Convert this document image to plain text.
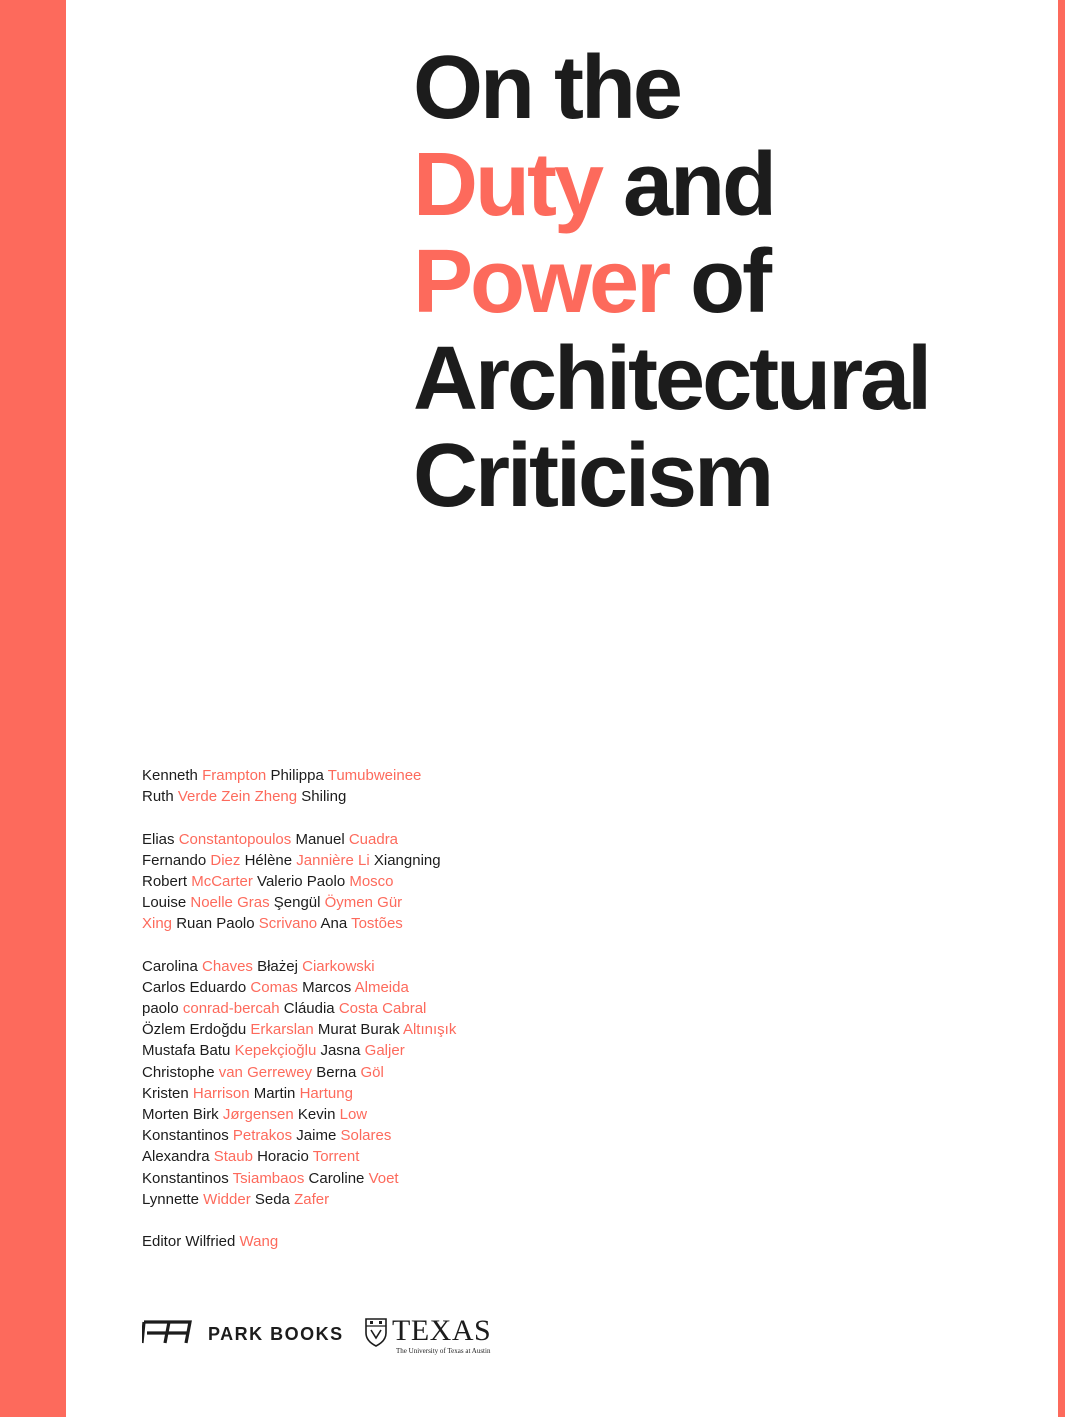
On the
Duty and
Power of
Architectural
Criticism
Kenneth Frampton Philippa Tumubweinee
Ruth Verde Zein Zheng Shiling
Elias Constantopoulos Manuel Cuadra
Fernando Diez Hélène Jannière Li Xiangning
Robert McCarter Valerio Paolo Mosco
Louise Noelle Gras Şengül Öymen Gür
Xing Ruan Paolo Scrivano Ana Tostões
Carolina Chaves Błażej Ciarkowski
Carlos Eduardo Comas Marcos Almeida
paolo conrad-bercah Cláudia Costa Cabral
Özlem Erdoğdu Erkarslan Murat Burak Altınışık
Mustafa Batu Kepekçioğlu Jasna Galjer
Christophe van Gerrewey Berna Göl
Kristen Harrison Martin Hartung
Morten Birk Jørgensen Kevin Low
Konstantinos Petrakos Jaime Solares
Alexandra Staub Horacio Torrent
Konstantinos Tsiambaos Caroline Voet
Lynnette Widder Seda Zafer
Editor Wilfried Wang
PARK BOOKS TEXAS
The University of Texas at Austin
